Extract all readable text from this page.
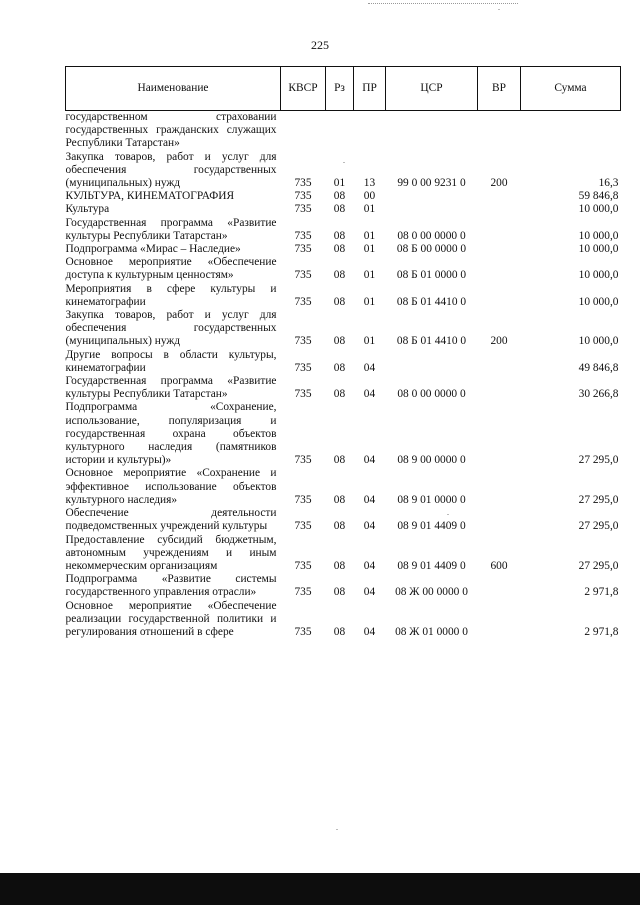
225
Наименование	КВСР	Рз	ПР	ЦСР	ВР	Сумма
государственном страховании государственных гражданских служащих Республики Татарстан»						
Закупка товаров, работ и услуг для обеспечения государственных (муниципальных) нужд	735	01	13	99 0 00 9231 0	200	16,3
КУЛЬТУРА, КИНЕМАТОГРАФИЯ	735	08	00			59 846,8
Культура	735	08	01			10 000,0
Государственная программа «Развитие культуры Республики Татарстан»	735	08	01	08 0 00 0000 0		10 000,0
Подпрограмма «Мирас – Наследие»	735	08	01	08 Б 00 0000 0		10 000,0
Основное мероприятие «Обеспечение доступа к культурным ценностям»	735	08	01	08 Б 01 0000 0		10 000,0
Мероприятия в сфере культуры и кинематографии	735	08	01	08 Б 01 4410 0		10 000,0
Закупка товаров, работ и услуг для обеспечения государственных (муниципальных) нужд	735	08	01	08 Б 01 4410 0	200	10 000,0
Другие вопросы в области культуры, кинематографии	735	08	04			49 846,8
Государственная программа «Развитие культуры Республики Татарстан»	735	08	04	08 0 00 0000 0		30 266,8
Подпрограмма «Сохранение, использование, популяризация и государственная охрана объектов культурного наследия (памятников истории и культуры)»	735	08	04	08 9 00 0000 0		27 295,0
Основное мероприятие «Сохранение и эффективное использование объектов культурного наследия»	735	08	04	08 9 01 0000 0		27 295,0
Обеспечение деятельности подведомственных учреждений культуры	735	08	04	08 9 01 4409 0		27 295,0
Предоставление субсидий бюджетным, автономным учреждениям и иным некоммерческим организациям	735	08	04	08 9 01 4409 0	600	27 295,0
Подпрограмма «Развитие системы государственного управления отрасли»	735	08	04	08 Ж 00 0000 0		2 971,8
Основное мероприятие «Обеспечение реализации государственной политики и регулирования отношений в сфере	735	08	04	08 Ж 01 0000 0		2 971,8
